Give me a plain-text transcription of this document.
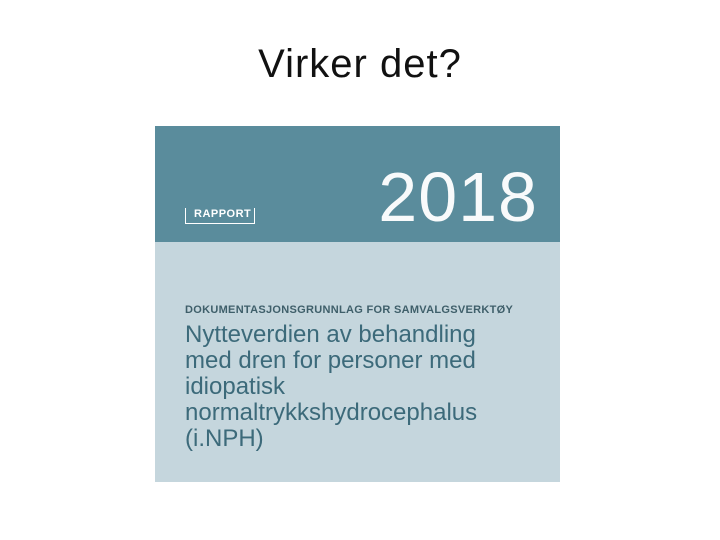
Virker det?
RAPPORT 2018
DOKUMENTASJONSGRUNNLAG FOR SAMVALGSVERKTØY
Nytteverdien av behandling
med dren for personer med
idiopatisk
normaltrykkshydrocephalus
(i.NPH)
